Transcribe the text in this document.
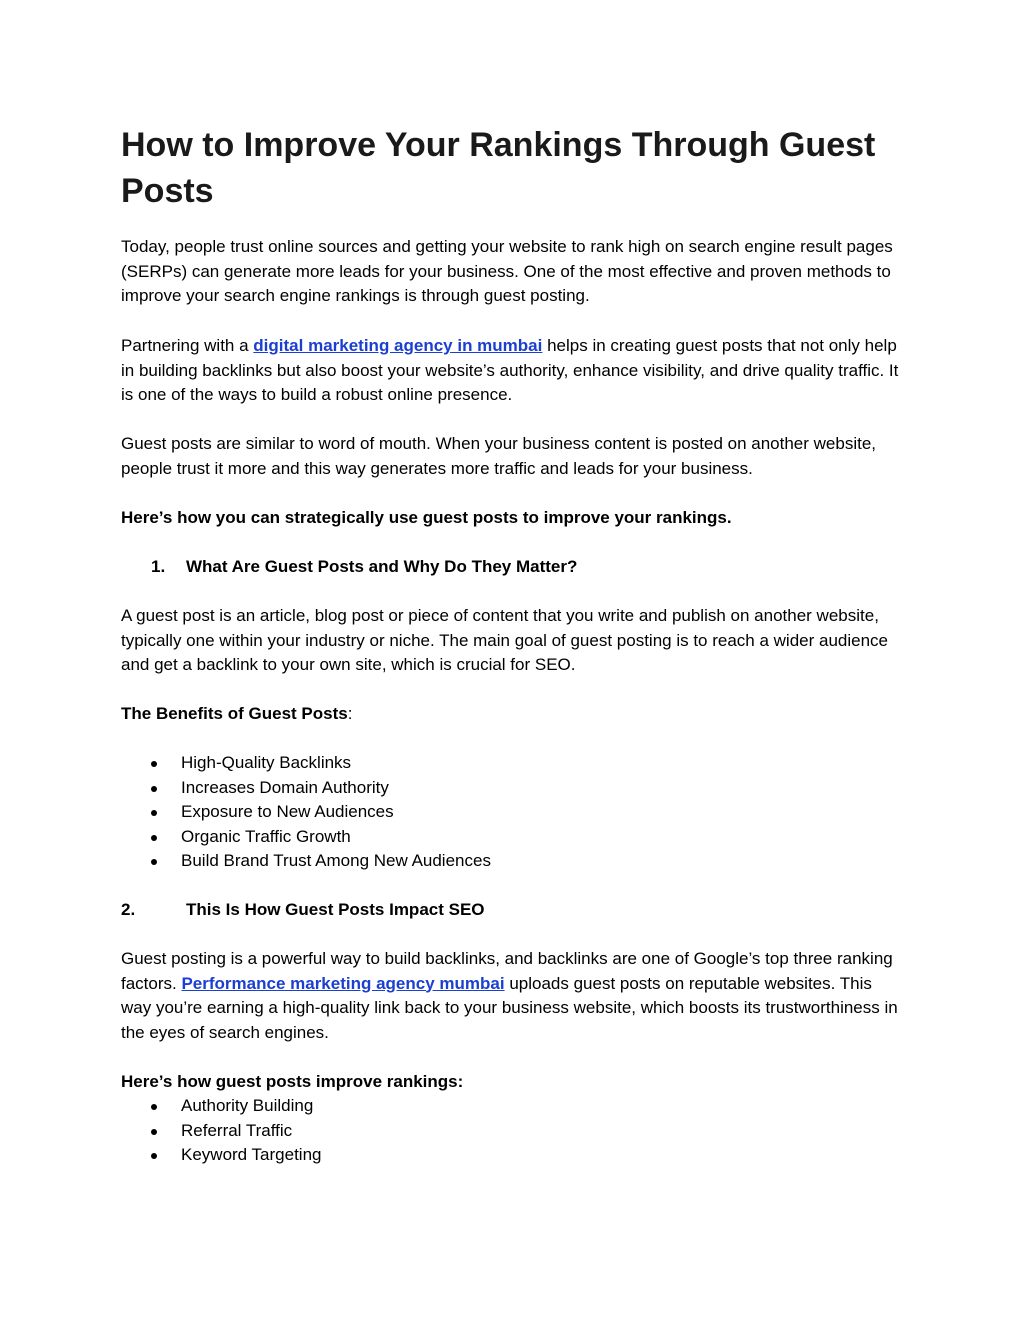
How to Improve Your Rankings Through Guest Posts

Today, people trust online sources and getting your website to rank high on search engine result pages (SERPs) can generate more leads for your business. One of the most effective and proven methods to improve your search engine rankings is through guest posting.

Partnering with a digital marketing agency in mumbai helps in creating guest posts that not only help in building backlinks but also boost your website’s authority, enhance visibility, and drive quality traffic. It is one of the ways to build a robust online presence.

Guest posts are similar to word of mouth. When your business content is posted on another website, people trust it more and this way generates more traffic and leads for your business.

Here’s how you can strategically use guest posts to improve your rankings.

1. What Are Guest Posts and Why Do They Matter?

A guest post is an article, blog post or piece of content that you write and publish on another website, typically one within your industry or niche. The main goal of guest posting is to reach a wider audience and get a backlink to your own site, which is crucial for SEO.

The Benefits of Guest Posts:

High-Quality Backlinks
Increases Domain Authority
Exposure to New Audiences
Organic Traffic Growth
Build Brand Trust Among New Audiences
2.	This Is How Guest Posts Impact SEO

Guest posting is a powerful way to build backlinks, and backlinks are one of Google’s top three ranking factors. Performance marketing agency mumbai uploads guest posts on reputable websites. This way you’re earning a high-quality link back to your business website, which boosts its trustworthiness in the eyes of search engines.

Here’s how guest posts improve rankings:

Authority Building
Referral Traffic
Keyword Targeting
